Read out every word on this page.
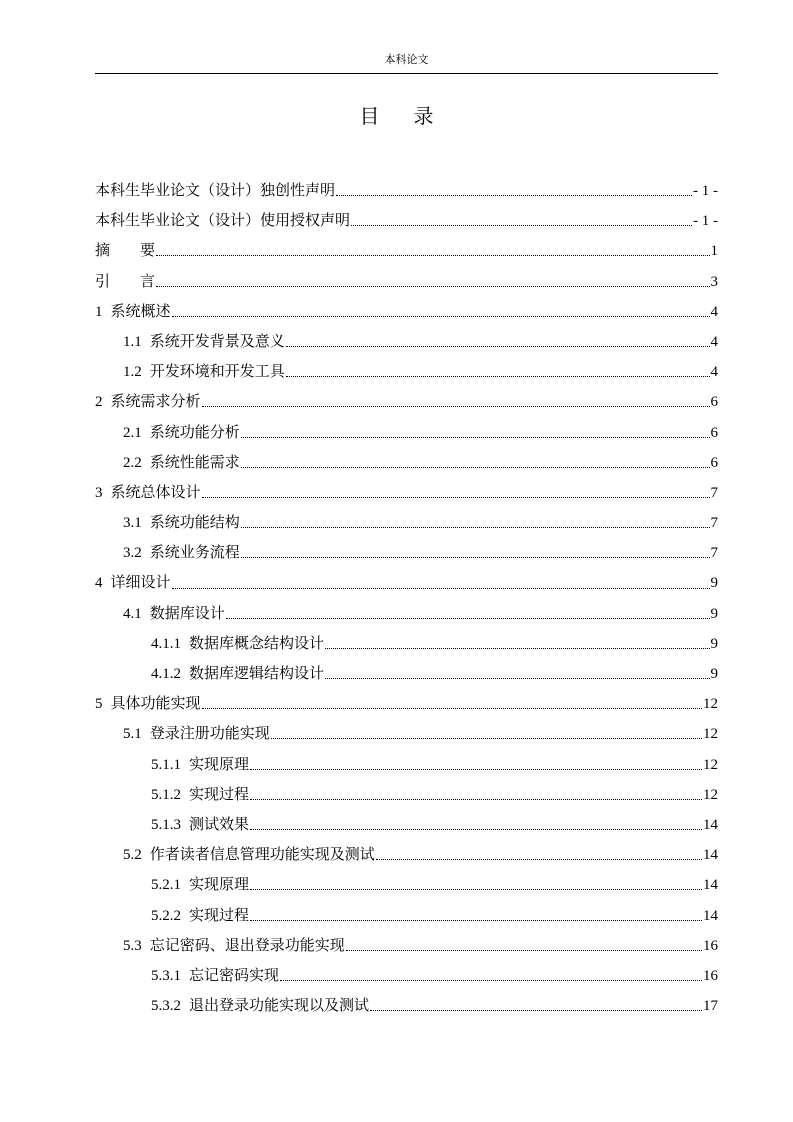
本科论文
目 录
本科生毕业论文（设计）独创性声明	- 1 -
本科生毕业论文（设计）使用授权声明	- 1 -
摘　　要	1
引　　言	3
1 系统概述	4
1.1 系统开发背景及意义	4
1.2 开发环境和开发工具	4
2 系统需求分析	6
2.1 系统功能分析	6
2.2 系统性能需求	6
3 系统总体设计	7
3.1 系统功能结构	7
3.2 系统业务流程	7
4 详细设计	9
4.1 数据库设计	9
4.1.1 数据库概念结构设计	9
4.1.2 数据库逻辑结构设计	9
5 具体功能实现	12
5.1 登录注册功能实现	12
5.1.1 实现原理	12
5.1.2 实现过程	12
5.1.3 测试效果	14
5.2 作者读者信息管理功能实现及测试	14
5.2.1 实现原理	14
5.2.2 实现过程	14
5.3 忘记密码、退出登录功能实现	16
5.3.1 忘记密码实现	16
5.3.2 退出登录功能实现以及测试	17
